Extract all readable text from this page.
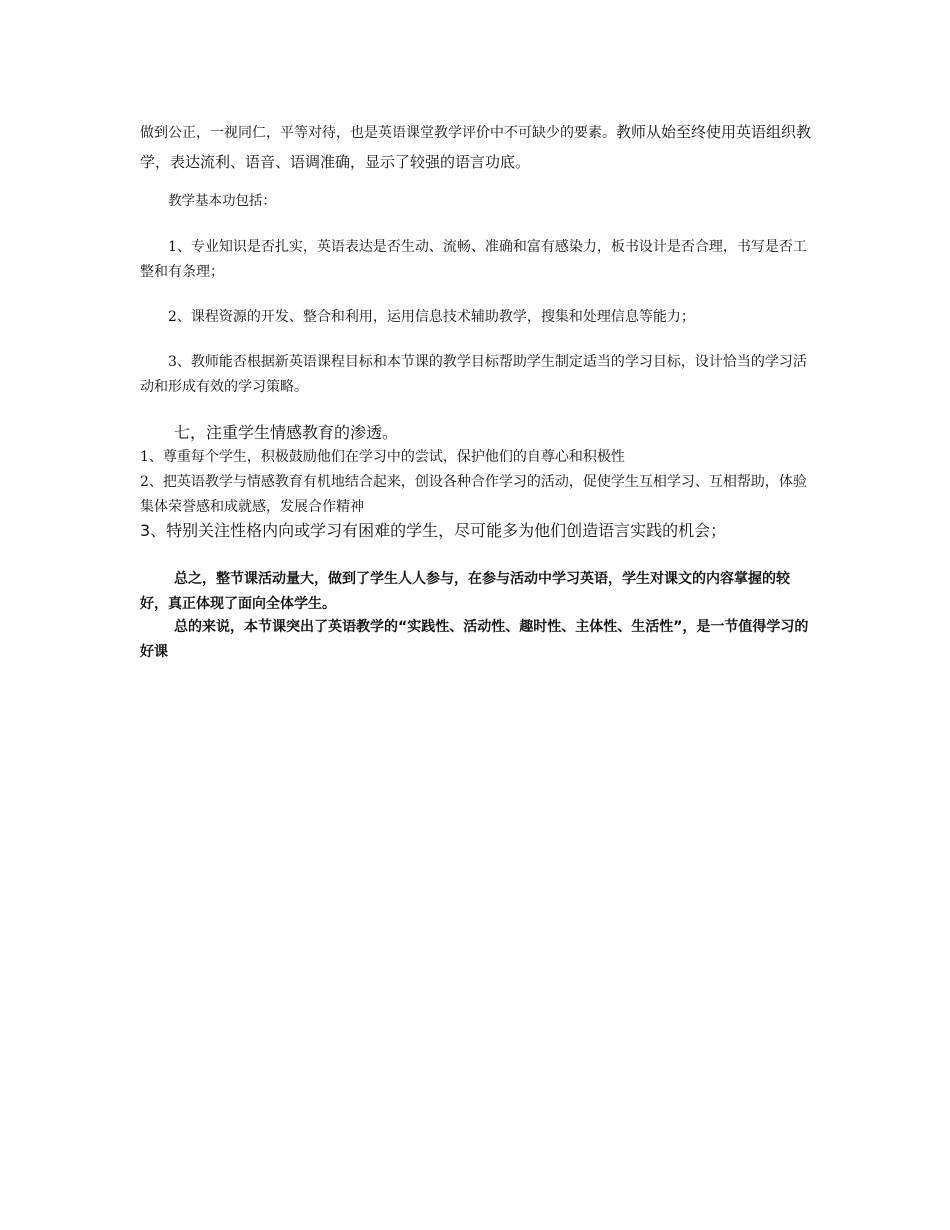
做到公正，一视同仁，平等对待，也是英语课堂教学评价中不可缺少的要素。教师从始至终使用英语组织教学，表达流利、语音、语调准确，显示了较强的语言功底。

教学基本功包括：

1、专业知识是否扎实，英语表达是否生动、流畅、准确和富有感染力，板书设计是否合理，书写是否工整和有条理；

2、课程资源的开发、整合和利用，运用信息技术辅助教学，搜集和处理信息等能力；

3、教师能否根据新英语课程目标和本节课的教学目标帮助学生制定适当的学习目标，设计恰当的学习活动和形成有效的学习策略。

七，注重学生情感教育的渗透。

1、尊重每个学生，积极鼓励他们在学习中的尝试，保护他们的自尊心和积极性

2、把英语教学与情感教育有机地结合起来，创设各种合作学习的活动，促使学生互相学习、互相帮助，体验集体荣誉感和成就感，发展合作精神

3、特别关注性格内向或学习有困难的学生，尽可能多为他们创造语言实践的机会；

总之，整节课活动量大，做到了学生人人参与，在参与活动中学习英语，学生对课文的内容掌握的较好，真正体现了面向全体学生。

总的来说，本节课突出了英语教学的“实践性、活动性、趣时性、主体性、生活性”，是一节值得学习的好课
